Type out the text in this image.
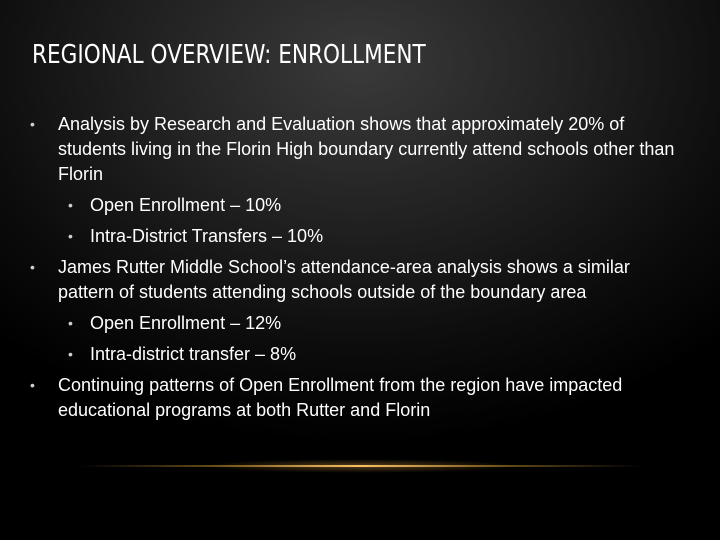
REGIONAL OVERVIEW: ENROLLMENT
• Analysis by Research and Evaluation shows that approximately 20% of students living in the Florin High boundary currently attend schools other than Florin
• Open Enrollment – 10%
• Intra-District Transfers – 10%
• James Rutter Middle School’s attendance-area analysis shows a similar pattern of students attending schools outside of the boundary area
• Open Enrollment – 12%
• Intra-district transfer – 8%
• Continuing patterns of Open Enrollment from the region have impacted educational programs at both Rutter and Florin
